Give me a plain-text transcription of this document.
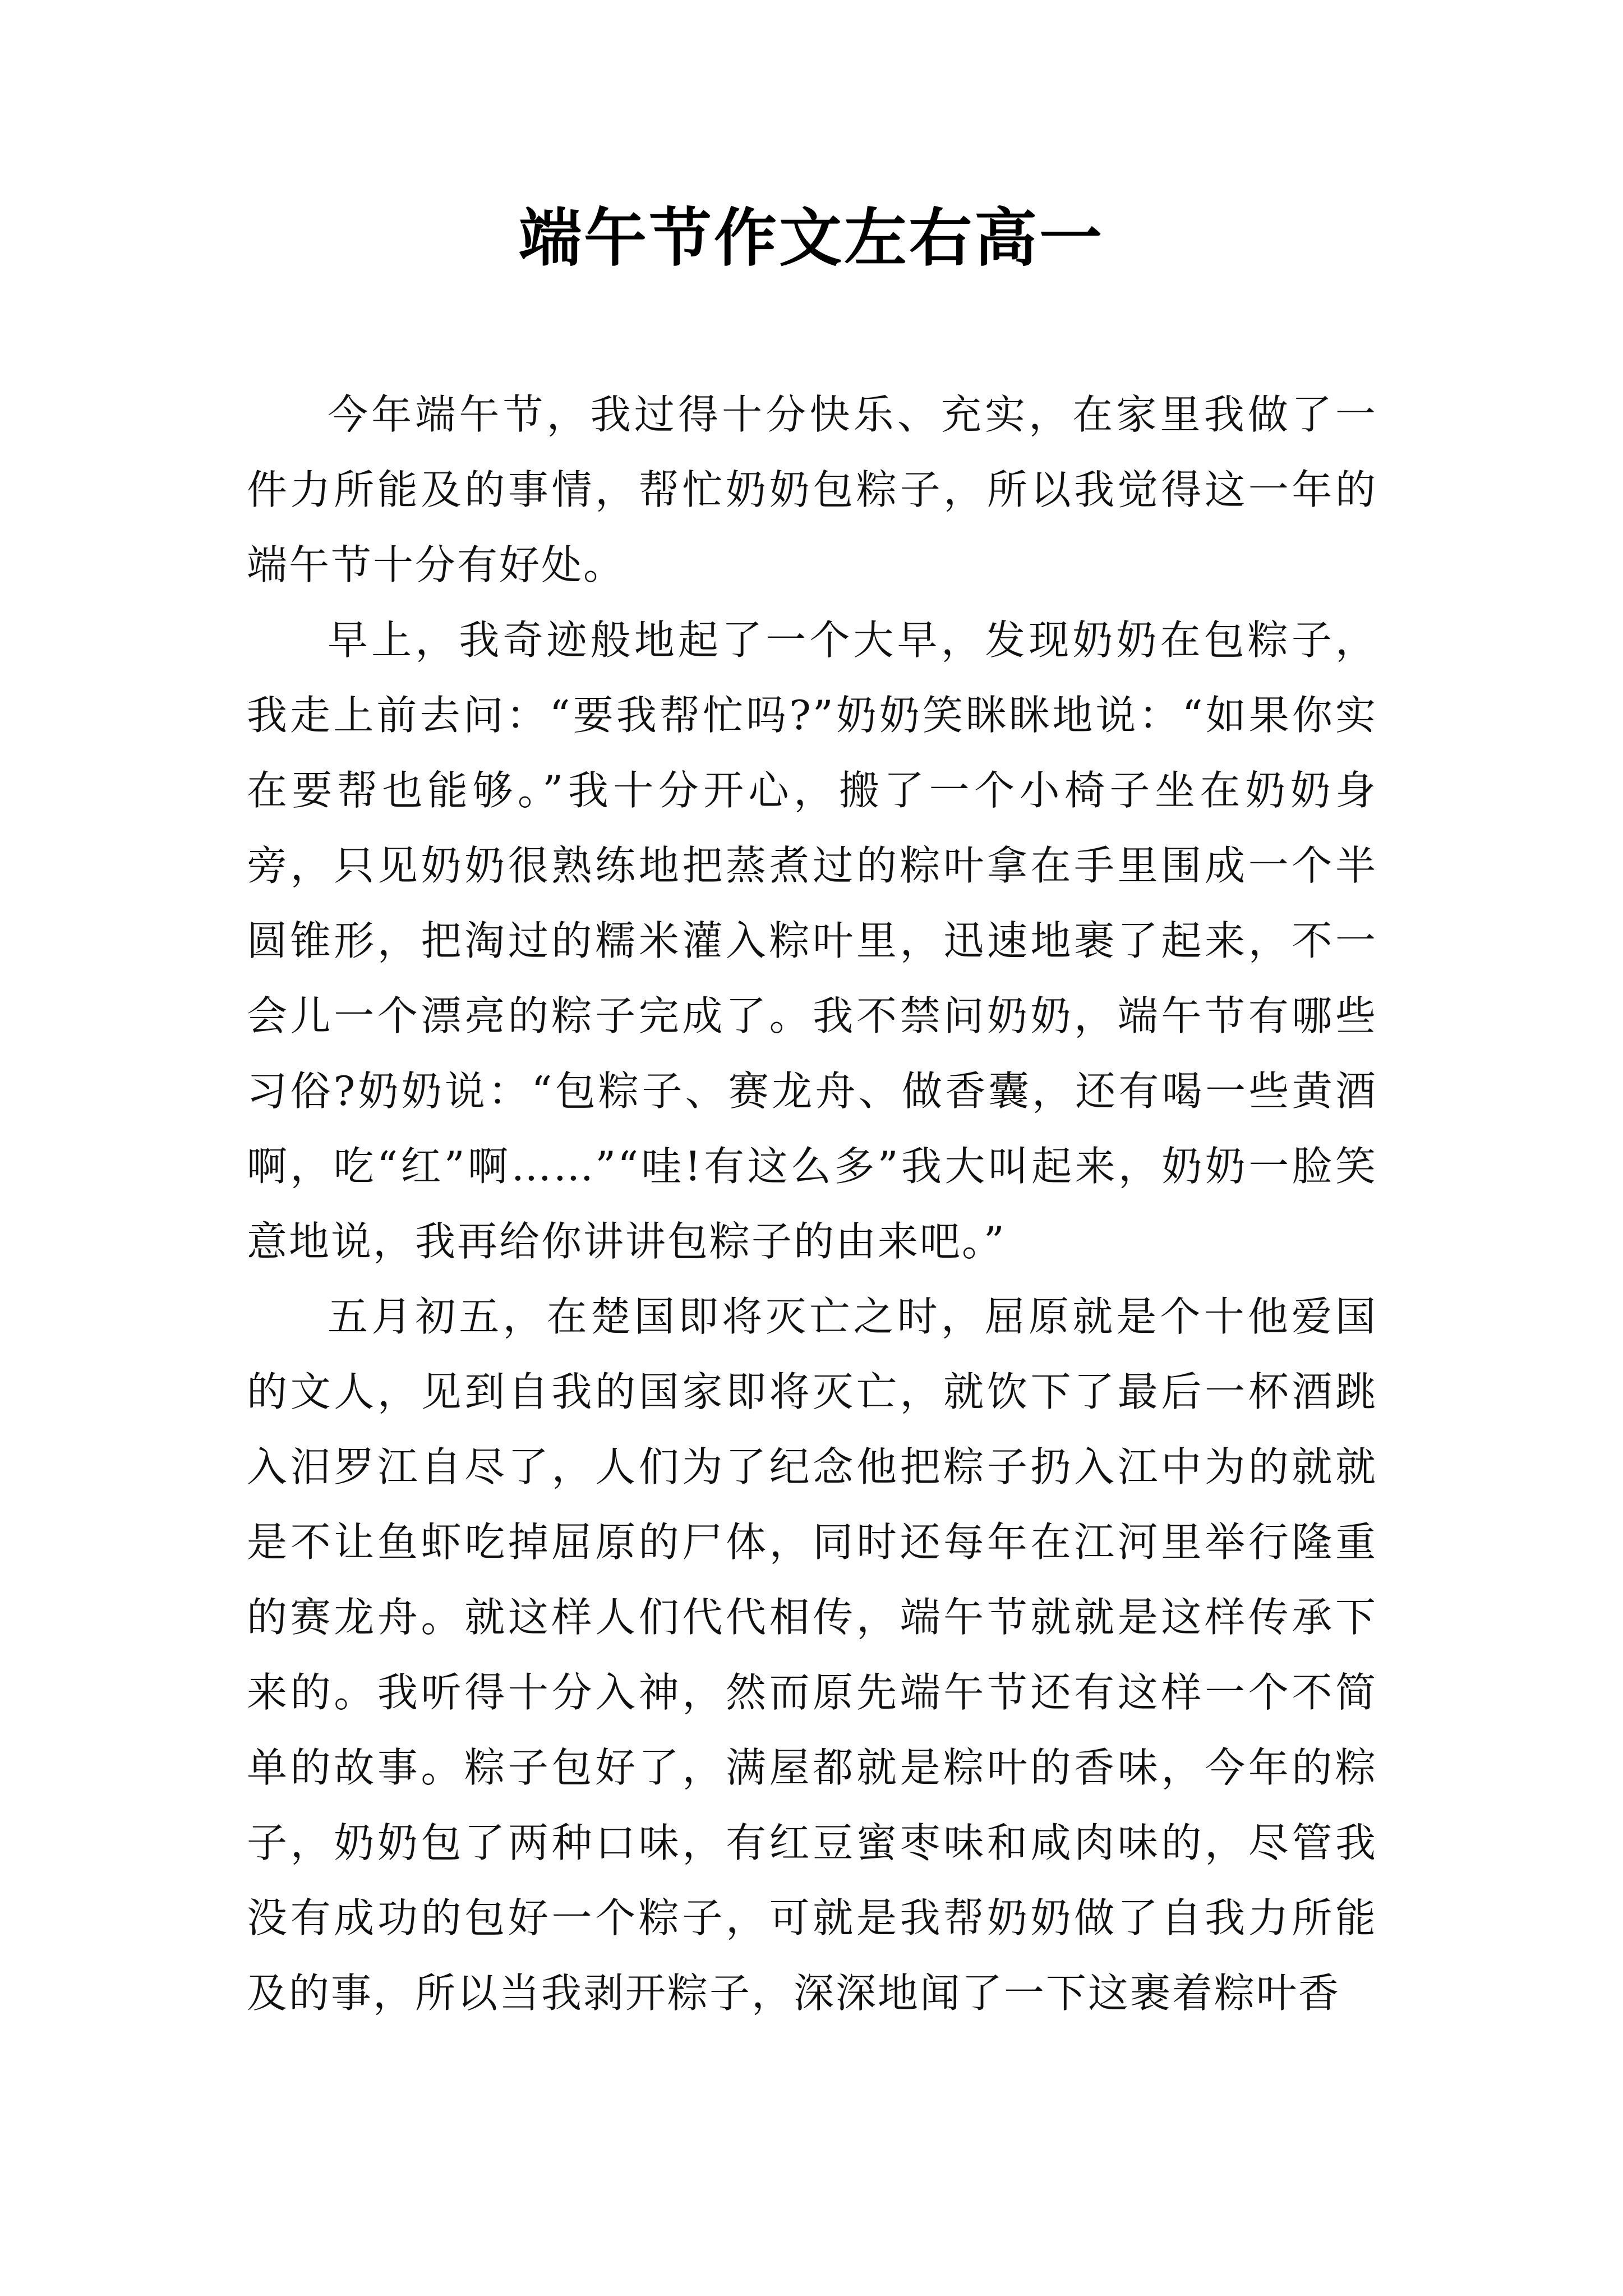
端午节作文左右高一

今年端午节，我过得十分快乐、充实，在家里我做了一件力所能及的事情，帮忙奶奶包粽子，所以我觉得这一年的端午节十分有好处。

早上，我奇迹般地起了一个大早，发现奶奶在包粽子，我走上前去问：“要我帮忙吗?”奶奶笑眯眯地说：“如果你实在要帮也能够。”我十分开心，搬了一个小椅子坐在奶奶身旁，只见奶奶很熟练地把蒸煮过的粽叶拿在手里围成一个半圆锥形，把淘过的糯米灌入粽叶里，迅速地裹了起来，不一会儿一个漂亮的粽子完成了。我不禁问奶奶，端午节有哪些习俗?奶奶说：“包粽子、赛龙舟、做香囊，还有喝一些黄酒啊，吃“红”啊……”“哇!有这么多”我大叫起来，奶奶一脸笑意地说，我再给你讲讲包粽子的由来吧。”

五月初五，在楚国即将灭亡之时，屈原就是个十他爱国的文人，见到自我的国家即将灭亡，就饮下了最后一杯酒跳入汨罗江自尽了，人们为了纪念他把粽子扔入江中为的就就是不让鱼虾吃掉屈原的尸体，同时还每年在江河里举行隆重的赛龙舟。就这样人们代代相传，端午节就就是这样传承下来的。我听得十分入神，然而原先端午节还有这样一个不简单的故事。粽子包好了，满屋都就是粽叶的香味，今年的粽子，奶奶包了两种口味，有红豆蜜枣味和咸肉味的，尽管我没有成功的包好一个粽子，可就是我帮奶奶做了自我力所能及的事，所以当我剥开粽子，深深地闻了一下这裹着粽叶香
